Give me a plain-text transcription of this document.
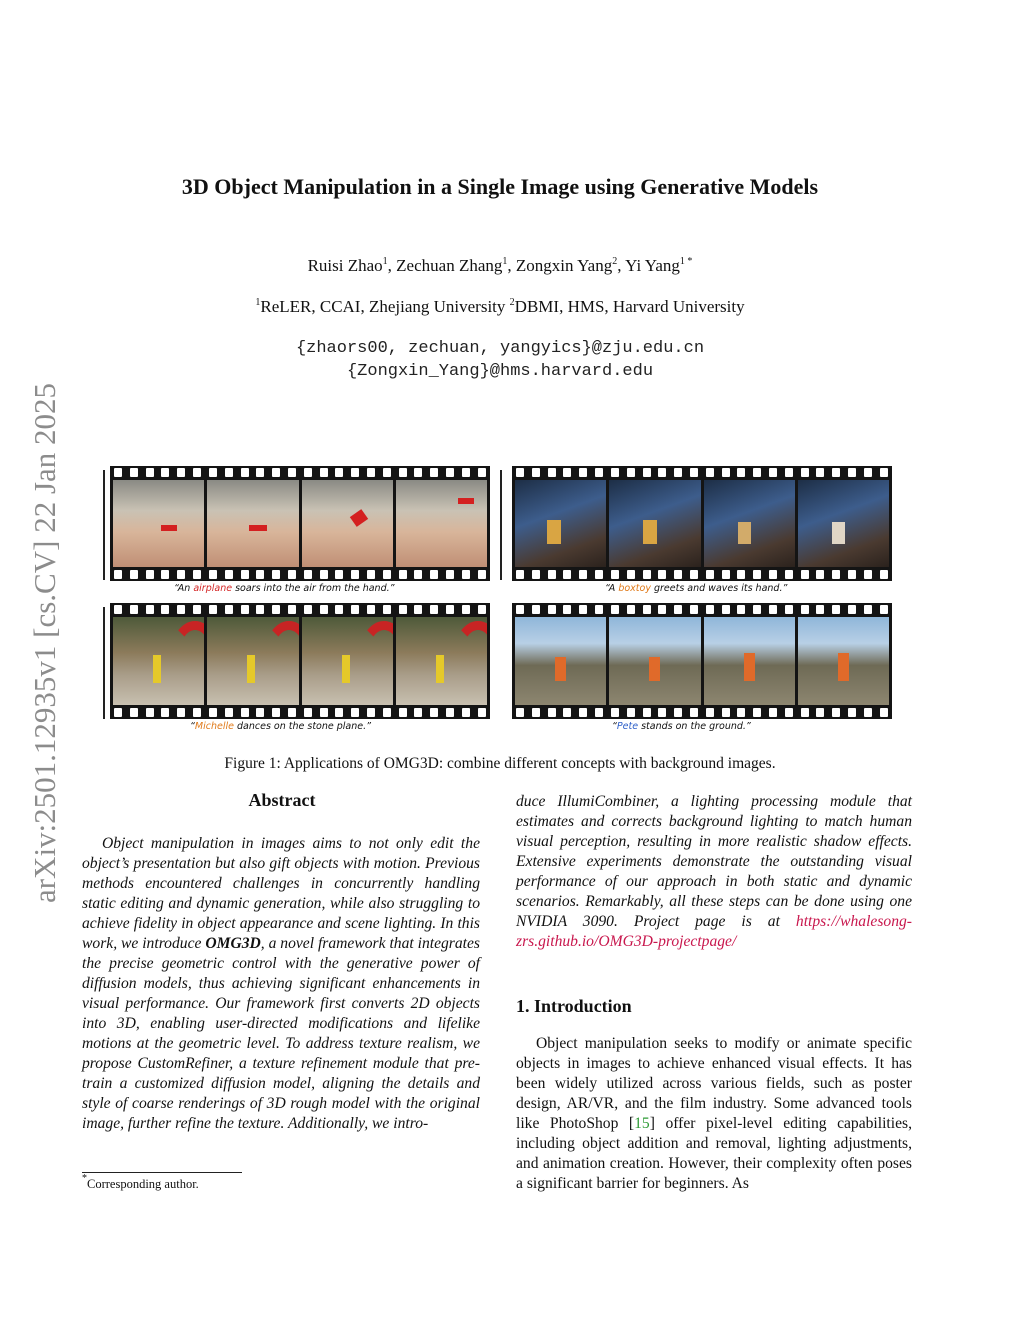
3D Object Manipulation in a Single Image using Generative Models
Ruisi Zhao$^1$, Zechuan Zhang$^1$, Zongxin Yang$^2$, Yi Yang$^{1 *}$
$^1$ReLER, CCAI, Zhejiang University $^2$DBMI, HMS, Harvard University
{zhaors00, zechuan, yangyics}@zju.edu.cn
{Zongxin_Yang}@hms.harvard.edu
arXiv:2501.12935v1 [cs.CV] 22 Jan 2025	“An airplane soars into the air from the hand.”	“A boxtoy greets and waves its hand.”
“Michelle dances on the stone plane.”	“Pete stands on the ground.”
Figure 1: Applications of OMG3D: combine different concepts with background images.
Abstract

Object manipulation in images aims to not only edit the object’s presentation but also gift objects with motion. Previous methods encountered challenges in concurrently handling static editing and dynamic generation, while also struggling to achieve fidelity in object appearance and scene lighting. In this work, we introduce OMG3D, a novel framework that integrates the precise geometric control with the generative power of diffusion models, thus achieving significant enhancements in visual performance. Our framework first converts 2D objects into 3D, enabling user-directed modifications and lifelike motions at the geometric level. To address texture realism, we propose CustomRefiner, a texture refinement module that pre-train a customized diffusion model, aligning the details and style of coarse renderings of 3D rough model with the original image, further refine the texture. Additionally, we intro-

*Corresponding author.
duce IllumiCombiner, a lighting processing module that estimates and corrects background lighting to match human visual perception, resulting in more realistic shadow effects. Extensive experiments demonstrate the outstanding visual performance of our approach in both static and dynamic scenarios. Remarkably, all these steps can be done using one NVIDIA 3090. Project page is at https://whalesong-zrs.github.io/OMG3D-projectpage/
1. Introduction

Object manipulation seeks to modify or animate specific objects in images to achieve enhanced visual effects. It has been widely utilized across various fields, such as poster design, AR/VR, and the film industry. Some advanced tools like PhotoShop [15] offer pixel-level editing capabilities, including object addition and removal, lighting adjustments, and animation creation. However, their complexity often poses a significant barrier for beginners. As
